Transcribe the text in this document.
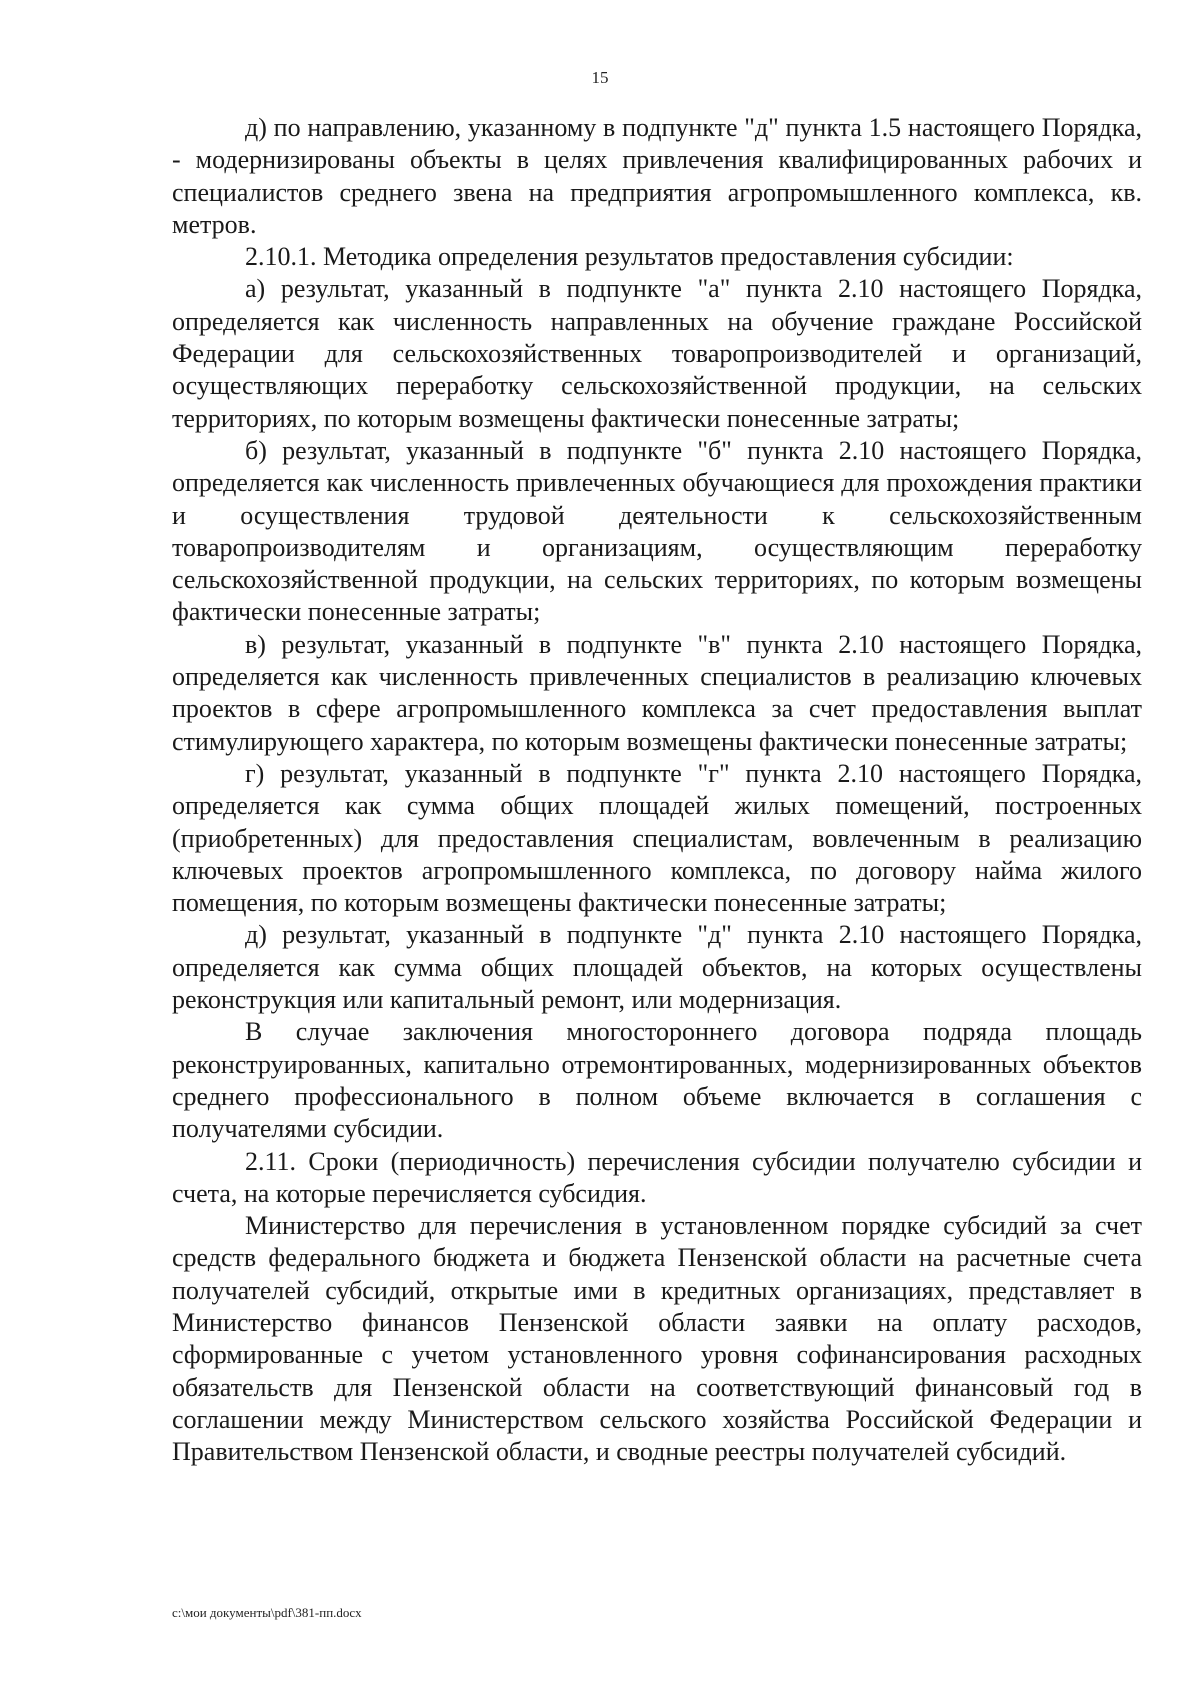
15

д) по направлению, указанному в подпункте "д" пункта 1.5 настоящего Порядка, - модернизированы объекты в целях привлечения квалифицированных рабочих и специалистов среднего звена на предприятия агропромышленного комплекса, кв. метров.

2.10.1. Методика определения результатов предоставления субсидии:

а) результат, указанный в подпункте "а" пункта 2.10 настоящего Порядка, определяется как численность направленных на обучение граждане Российской Федерации для сельскохозяйственных товаропроизводителей и организаций, осуществляющих переработку сельскохозяйственной продукции, на сельских территориях, по которым возмещены фактически понесенные затраты;

б) результат, указанный в подпункте "б" пункта 2.10 настоящего Порядка, определяется как численность привлеченных обучающиеся для прохождения практики и осуществления трудовой деятельности к сельскохозяйственным товаропроизводителям и организациям, осуществляющим переработку сельскохозяйственной продукции, на сельских территориях, по которым возмещены фактически понесенные затраты;

в) результат, указанный в подпункте "в" пункта 2.10 настоящего Порядка, определяется как численность привлеченных специалистов в реализацию ключевых проектов в сфере агропромышленного комплекса за счет предоставления выплат стимулирующего характера, по которым возмещены фактически понесенные затраты;

г) результат, указанный в подпункте "г" пункта 2.10 настоящего Порядка, определяется как сумма общих площадей жилых помещений, построенных (приобретенных) для предоставления специалистам, вовлеченным в реализацию ключевых проектов агропромышленного комплекса, по договору найма жилого помещения, по которым возмещены фактически понесенные затраты;

д) результат, указанный в подпункте "д" пункта 2.10 настоящего Порядка, определяется как сумма общих площадей объектов, на которых осуществлены реконструкция или капитальный ремонт, или модернизация.

В случае заключения многостороннего договора подряда площадь реконструированных, капитально отремонтированных, модернизированных объектов среднего профессионального в полном объеме включается в соглашения с получателями субсидии.

2.11. Сроки (периодичность) перечисления субсидии получателю субсидии и счета, на которые перечисляется субсидия.

Министерство для перечисления в установленном порядке субсидий за счет средств федерального бюджета и бюджета Пензенской области на расчетные счета получателей субсидий, открытые ими в кредитных организациях, представляет в Министерство финансов Пензенской области заявки на оплату расходов, сформированные с учетом установленного уровня софинансирования расходных обязательств для Пензенской области на соответствующий финансовый год в соглашении между Министерством сельского хозяйства Российской Федерации и Правительством Пензенской области, и сводные реестры получателей субсидий.

c:\мои документы\pdf\381-пп.docx
